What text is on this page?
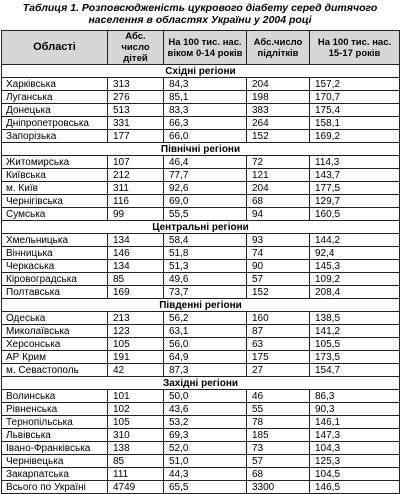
Таблиця 1. Розповсюдженість цукрового діабету серед дитячого
населення в областях України у 2004 році
Області	Абс. число дітей	На 100 тис. нас. віком 0-14 років	Абс.число підлітків	На 100 тис. нас. 15-17 років
Східні регіони				
Харківська	313	84,3	204	157,2
Луганська	276	85,1	198	170,7
Донецька	513	83,3	383	175,4
Дніпропетровська	331	66,3	264	158,1
Запорізька	177	66,0	152	169,2
Північні регіони				
Житомирська	107	46,4	72	114,3
Київська	212	77,7	121	143,7
м. Київ	311	92,6	204	177,5
Чернігівська	116	69,0	68	129,7
Сумська	99	55,5	94	160,5
Центральні регіони				
Хмельницька	134	58,4	93	144,2
Вінницька	146	51,8	74	92,4
Черкаська	134	51,3	90	145,3
Кіровоградська	85	49,6	57	109,2
Полтавська	169	73,7	152	208,4
Південні регіони				
Одеська	213	56,2	160	138,5
Миколаївська	123	63,1	87	141,2
Херсонська	105	56,0	63	105,5
АР Крим	191	64,9	175	173,5
м. Севастополь	42	87,3	27	154,7
Західні регіони				
Волинська	101	50,0	46	86,3
Рівненська	102	43,6	55	90,3
Тернопільська	105	53,2	78	146,1
Львівська	310	69,3	185	147,3
Івано-Франківська	138	52,0	73	104,3
Чернівецька	85	51,0	57	125,3
Закарпатська	111	44,3	68	104,5
Всього по Україні	4749	65,5	3300	146,5
